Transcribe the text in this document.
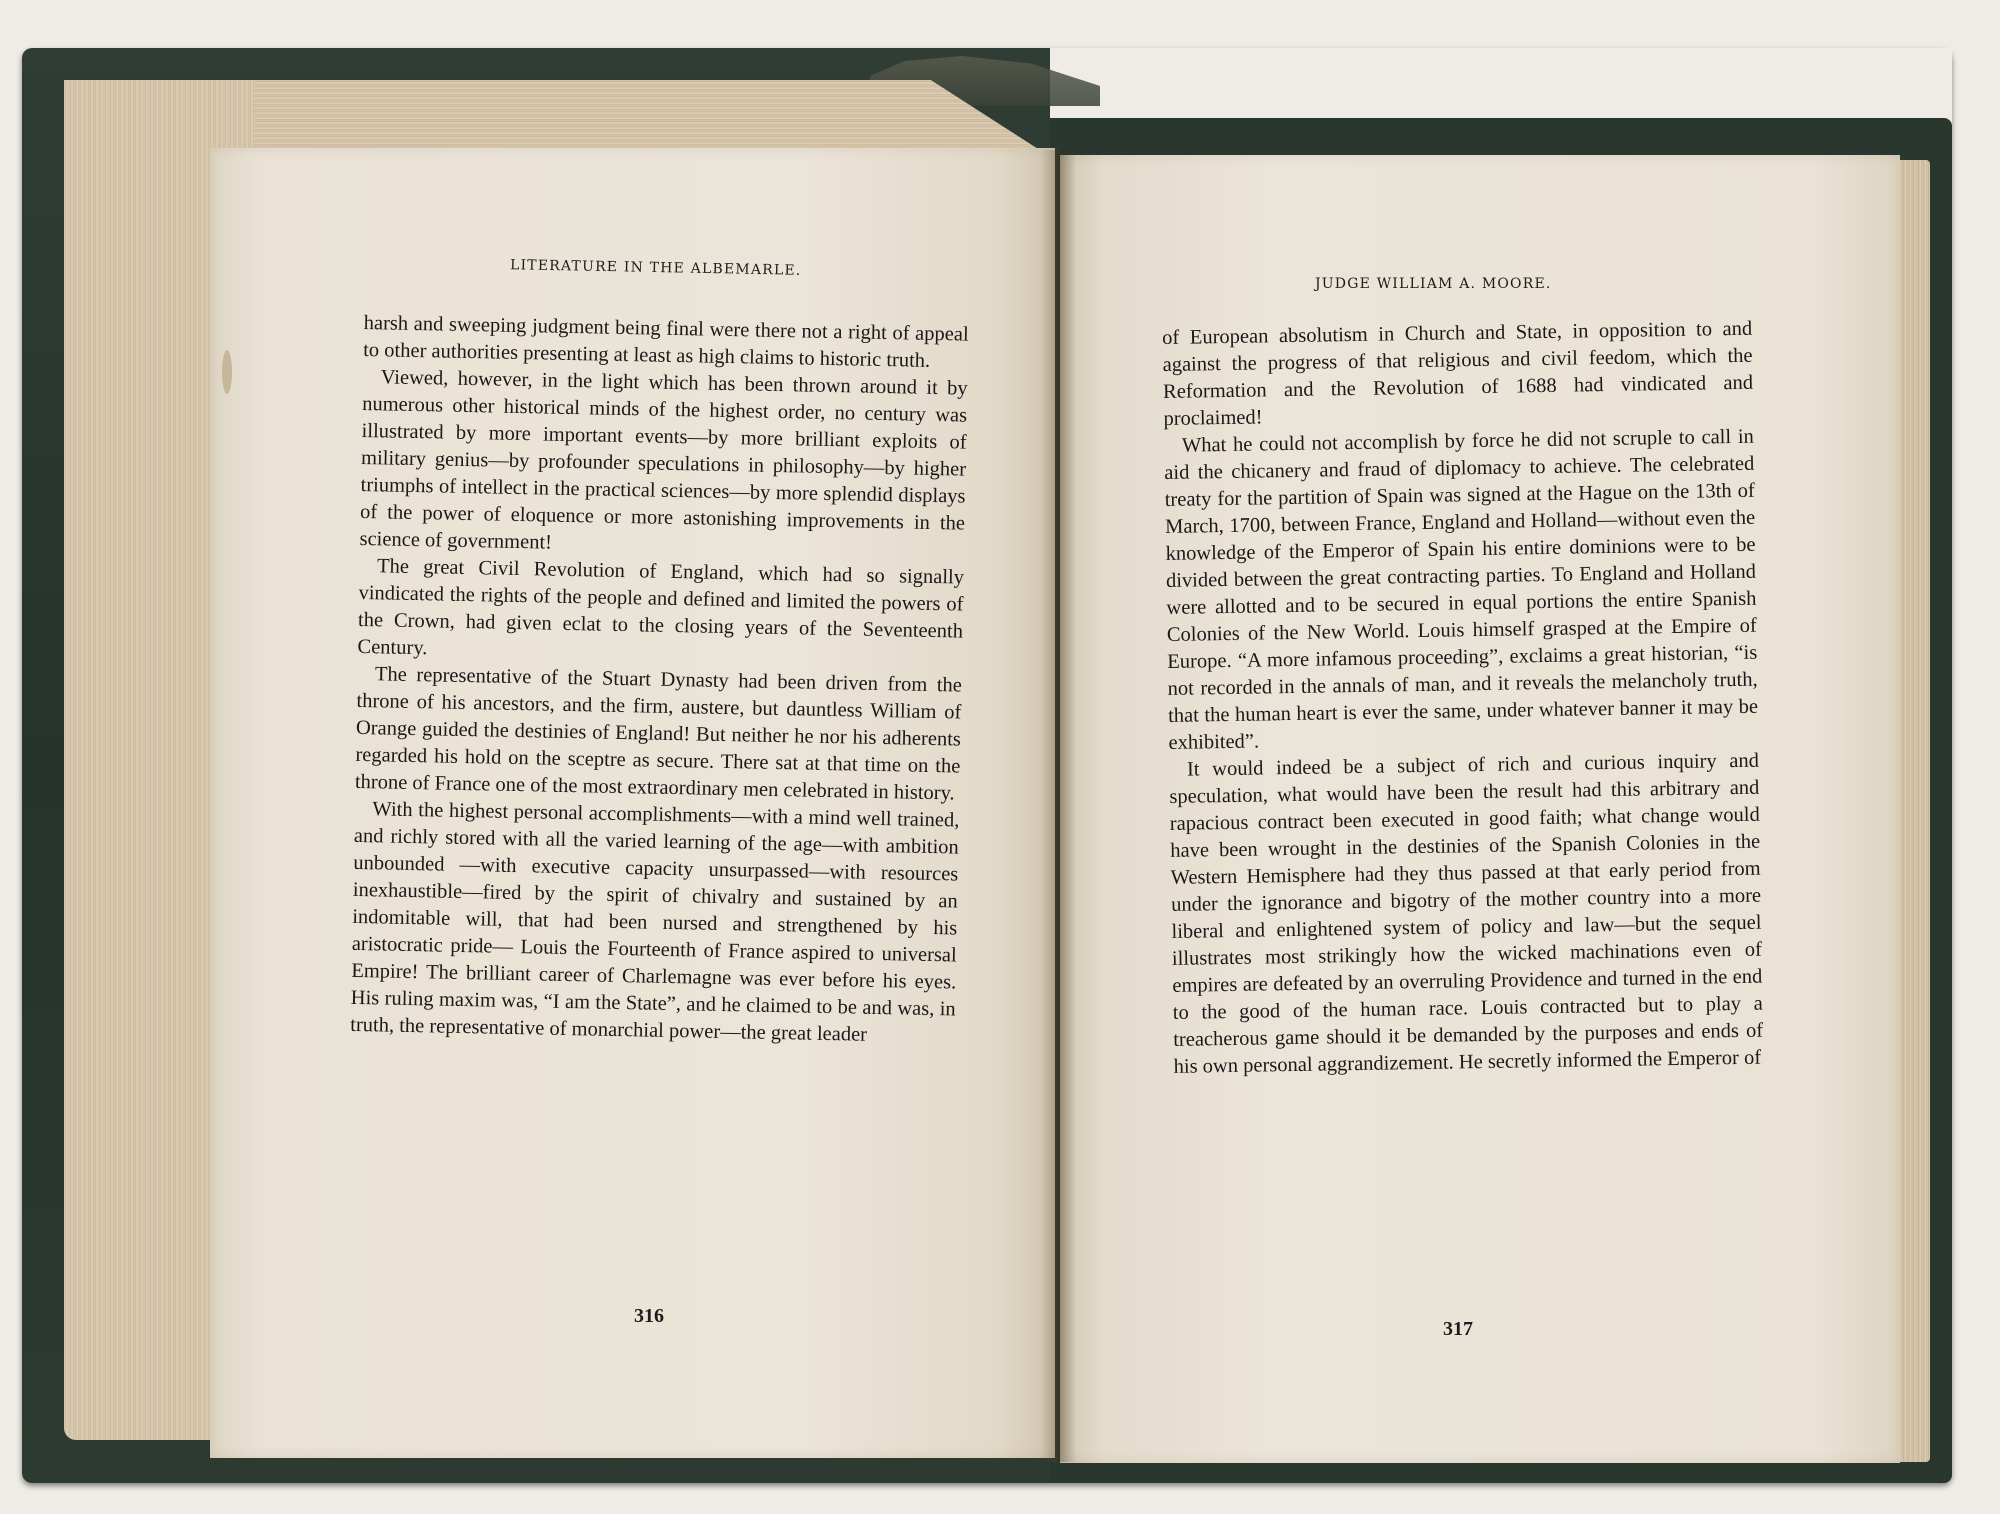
LITERATURE IN THE ALBEMARLE.

harsh and sweeping judgment being final were there not a right of appeal to other authorities presenting at least as high claims to historic truth.

Viewed, however, in the light which has been thrown around it by numerous other historical minds of the highest order, no century was illustrated by more important events—by more brilliant exploits of military genius—by profounder speculations in philosophy—by higher triumphs of intellect in the practical sciences—by more splendid displays of the power of eloquence or more astonishing improvements in the science of government!

The great Civil Revolution of England, which had so signally vindicated the rights of the people and defined and limited the powers of the Crown, had given eclat to the closing years of the Seventeenth Century.

The representative of the Stuart Dynasty had been driven from the throne of his ancestors, and the firm, austere, but dauntless William of Orange guided the destinies of England! But neither he nor his adherents regarded his hold on the sceptre as secure. There sat at that time on the throne of France one of the most extraordinary men celebrated in history.

With the highest personal accomplishments—with a mind well trained, and richly stored with all the varied learning of the age—with ambition unbounded —with executive capacity unsurpassed—with resources inexhaustible—fired by the spirit of chivalry and sustained by an indomitable will, that had been nursed and strengthened by his aristocratic pride— Louis the Fourteenth of France aspired to universal Empire! The brilliant career of Charlemagne was ever before his eyes. His ruling maxim was, “I am the State”, and he claimed to be and was, in truth, the representative of monarchial power—the great leader

316
JUDGE WILLIAM A. MOORE.

of European absolutism in Church and State, in opposition to and against the progress of that religious and civil feedom, which the Reformation and the Revolution of 1688 had vindicated and proclaimed!

What he could not accomplish by force he did not scruple to call in aid the chicanery and fraud of diplomacy to achieve. The celebrated treaty for the partition of Spain was signed at the Hague on the 13th of March, 1700, between France, England and Holland—without even the knowledge of the Emperor of Spain his entire dominions were to be divided between the great contracting parties. To England and Holland were allotted and to be secured in equal portions the entire Spanish Colonies of the New World. Louis himself grasped at the Empire of Europe. “A more infamous proceeding”, exclaims a great historian, “is not recorded in the annals of man, and it reveals the melancholy truth, that the human heart is ever the same, under whatever banner it may be exhibited”.

It would indeed be a subject of rich and curious inquiry and speculation, what would have been the result had this arbitrary and rapacious contract been executed in good faith; what change would have been wrought in the destinies of the Spanish Colonies in the Western Hemisphere had they thus passed at that early period from under the ignorance and bigotry of the mother country into a more liberal and enlightened system of policy and law—but the sequel illustrates most strikingly how the wicked machinations even of empires are defeated by an overruling Providence and turned in the end to the good of the human race. Louis contracted but to play a treacherous game should it be demanded by the purposes and ends of his own personal aggrandizement. He secretly informed the Emperor of

317
